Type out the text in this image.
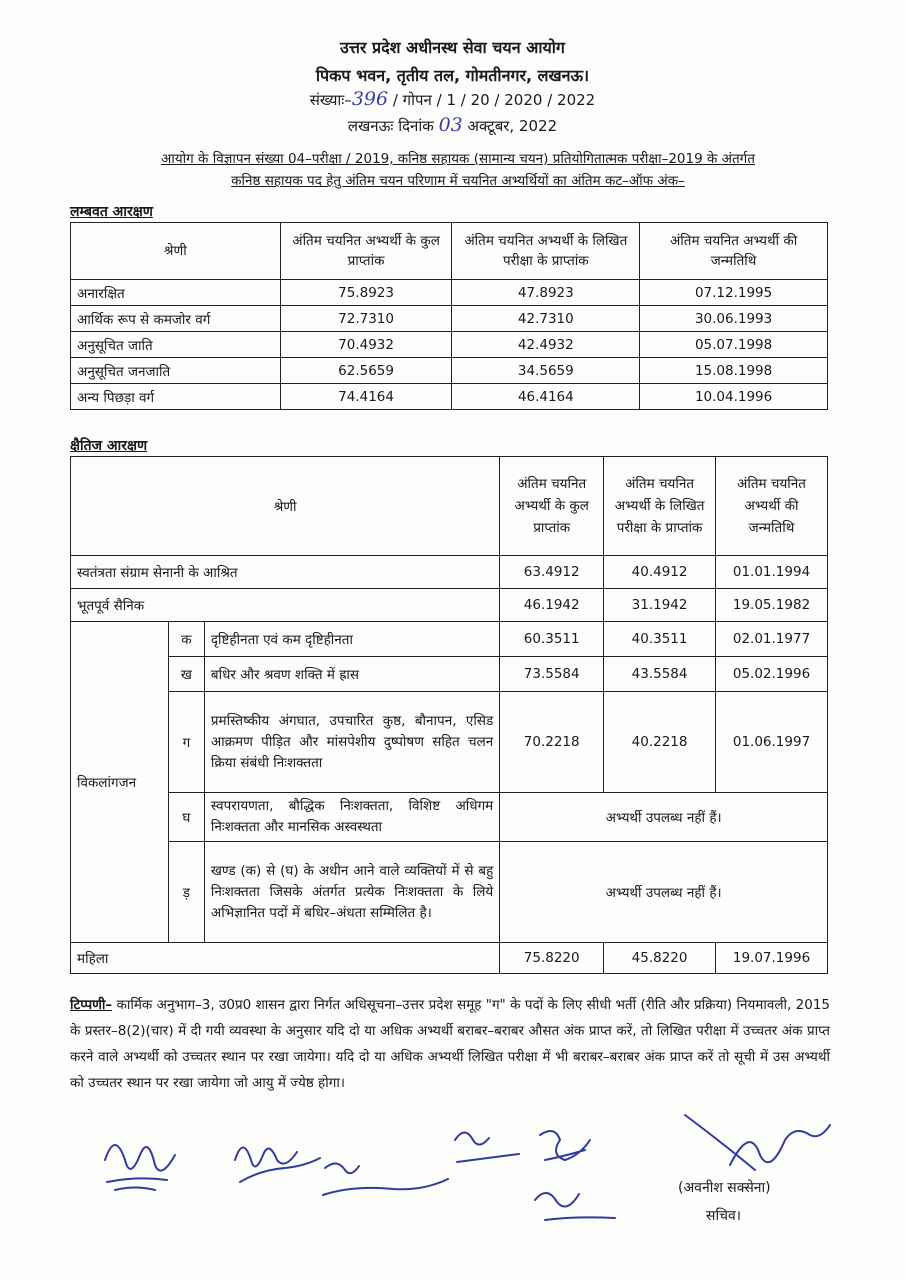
उत्तर प्रदेश अधीनस्थ सेवा चयन आयोग
पिकप भवन, तृतीय तल, गोमतीनगर, लखनऊ।
संख्याः–396 / गोपन / 1 / 20 / 2020 / 2022
लखनऊः दिनांक 03 अक्टूबर, 2022
आयोग के विज्ञापन संख्या 04–परीक्षा / 2019, कनिष्ठ सहायक (सामान्य चयन) प्रतियोगितात्मक परीक्षा–2019 के अंतर्गत
कनिष्ठ सहायक पद हेतु अंतिम चयन परिणाम में चयनित अभ्यर्थियों का अंतिम कट–ऑफ अंक–
लम्बवत आरक्षण
श्रेणी	अंतिम चयनित अभ्यर्थी के कुल प्राप्तांक	अंतिम चयनित अभ्यर्थी के लिखित परीक्षा के प्राप्तांक	अंतिम चयनित अभ्यर्थी की जन्मतिथि
अनारक्षित	75.8923	47.8923	07.12.1995
आर्थिक रूप से कमजोर वर्ग	72.7310	42.7310	30.06.1993
अनुसूचित जाति	70.4932	42.4932	05.07.1998
अनुसूचित जनजाति	62.5659	34.5659	15.08.1998
अन्य पिछड़ा वर्ग	74.4164	46.4164	10.04.1996
क्षैतिज आरक्षण
श्रेणी			अंतिम चयनित अभ्यर्थी के कुल प्राप्तांक	अंतिम चयनित अभ्यर्थी के लिखित परीक्षा के प्राप्तांक	अंतिम चयनित अभ्यर्थी की जन्मतिथि
स्वतंत्रता संग्राम सेनानी के आश्रित			63.4912	40.4912	01.01.1994
भूतपूर्व सैनिक			46.1942	31.1942	19.05.1982
विकलांगजन	क	दृष्टिहीनता एवं कम दृष्टिहीनता	60.3511	40.3511	02.01.1977
	ख	बधिर और श्रवण शक्ति में ह्रास	73.5584	43.5584	05.02.1996
	ग	प्रमस्तिष्कीय अंगघात, उपचारित कुष्ठ, बौनापन, एसिड आक्रमण पीड़ित और मांसपेशीय दुष्पोषण सहित चलन क्रिया संबंधी निःशक्तता	70.2218	40.2218	01.06.1997
	घ	स्वपरायणता, बौद्धिक निःशक्तता, विशिष्ट अधिगम निःशक्तता और मानसिक अस्वस्थता	अभ्यर्थी उपलब्ध नहीं हैं।		
	ड़	खण्ड (क) से (घ) के अधीन आने वाले व्यक्तियों में से बहु निःशक्तता जिसके अंतर्गत प्रत्येक निःशक्तता के लिये अभिज्ञानित पदों में बधिर–अंधता सम्मिलित है।	अभ्यर्थी उपलब्ध नहीं हैं।		
महिला			75.8220	45.8220	19.07.1996
टिप्पणी– कार्मिक अनुभाग–3, उ0प्र0 शासन द्वारा निर्गत अधिसूचना–उत्तर प्रदेश समूह "ग" के पदों के लिए सीधी भर्ती (रीति और प्रक्रिया) नियमावली, 2015 के प्रस्तर–8(2)(चार) में दी गयी व्यवस्था के अनुसार यदि दो या अधिक अभ्यर्थी बराबर–बराबर औसत अंक प्राप्त करें, तो लिखित परीक्षा में उच्चतर अंक प्राप्त करने वाले अभ्यर्थी को उच्चतर स्थान पर रखा जायेगा। यदि दो या अधिक अभ्यर्थी लिखित परीक्षा में भी बराबर–बराबर अंक प्राप्त करें तो सूची में उस अभ्यर्थी को उच्चतर स्थान पर रखा जायेगा जो आयु में ज्येष्ठ होगा।
(अवनीश सक्सेना)
सचिव।
